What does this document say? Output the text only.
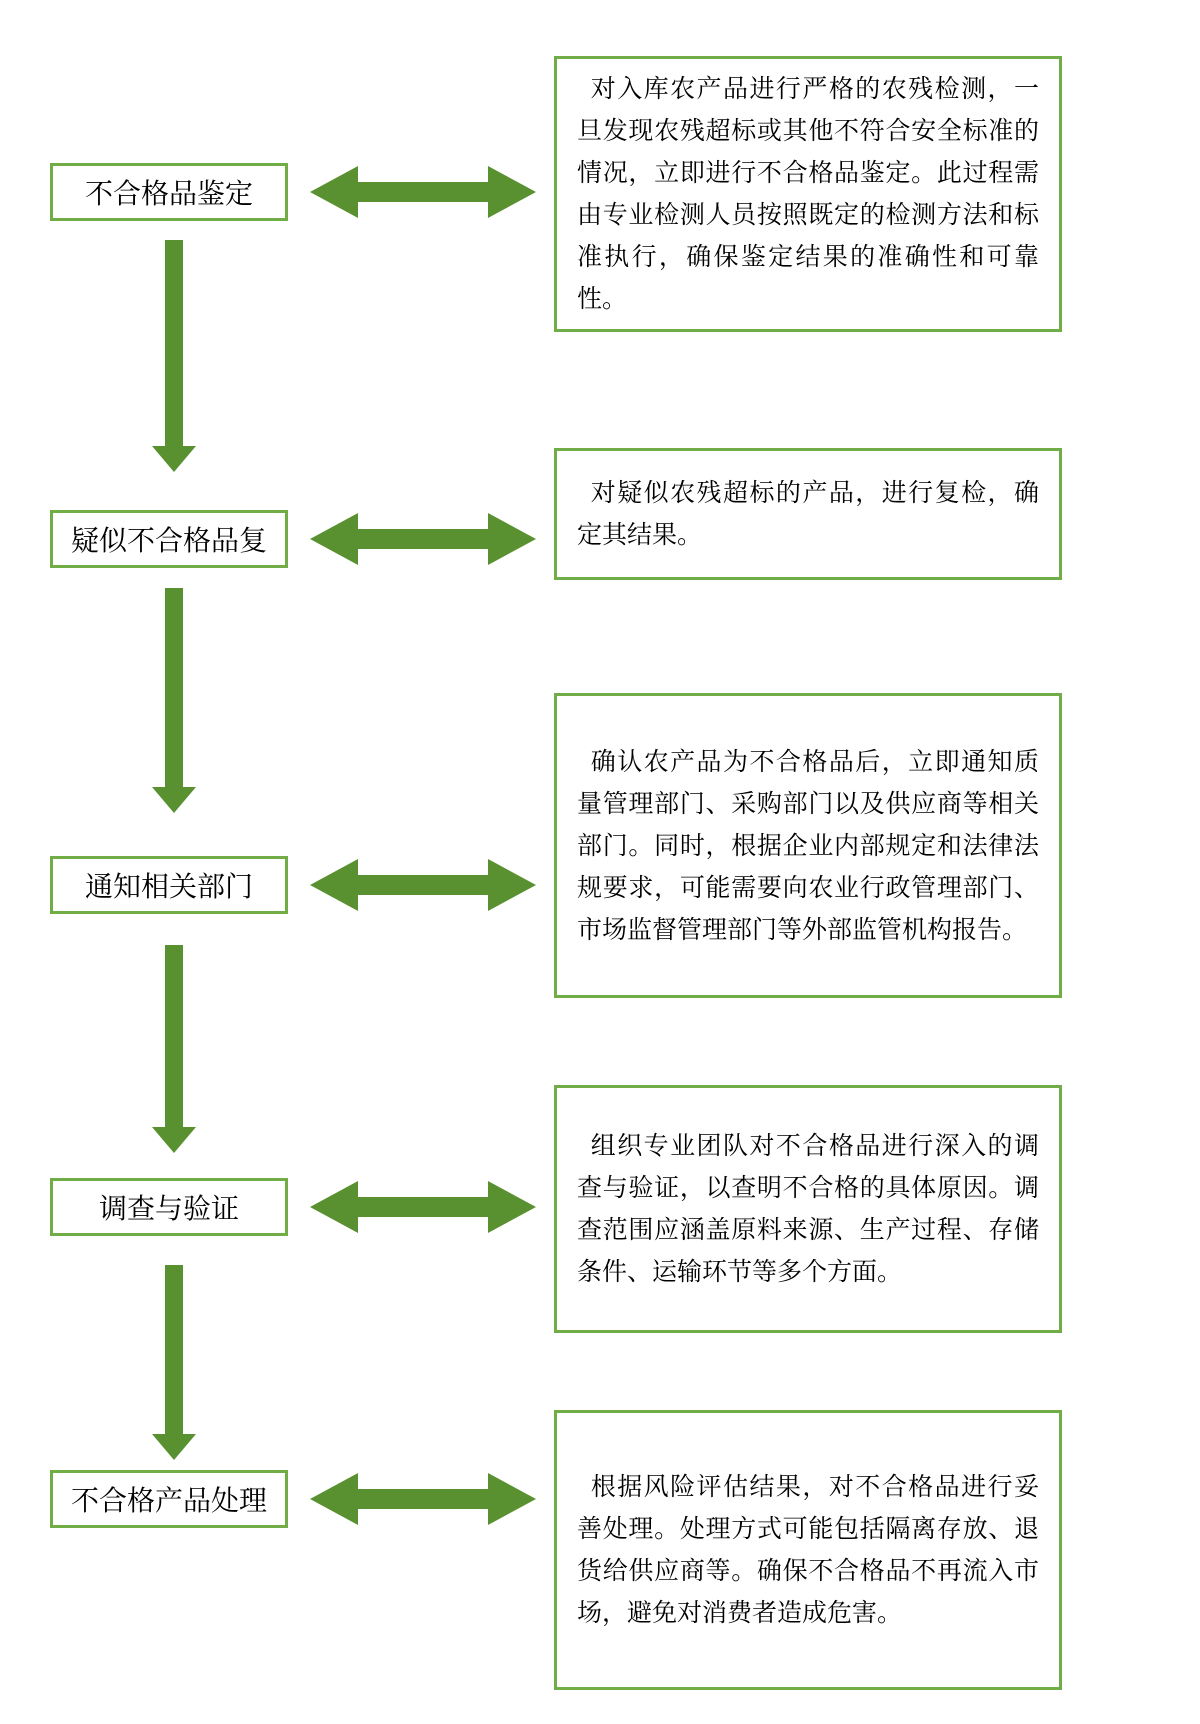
不合格品鉴定

对入库农产品进行严格的农残检测，一旦发现农残超标或其他不符合安全标准的情况，立即进行不合格品鉴定。此过程需由专业检测人员按照既定的检测方法和标准执行，确保鉴定结果的准确性和可靠性。

疑似不合格品复

对疑似农残超标的产品，进行复检，确定其结果。

通知相关部门

确认农产品为不合格品后，立即通知质量管理部门、采购部门以及供应商等相关部门。同时，根据企业内部规定和法律法规要求，可能需要向农业行政管理部门、市场监督管理部门等外部监管机构报告。

调查与验证

组织专业团队对不合格品进行深入的调查与验证，以查明不合格的具体原因。调查范围应涵盖原料来源、生产过程、存储条件、运输环节等多个方面。

不合格产品处理	根据风险评估结果，对不合格品进行妥善处理。处理方式可能包括隔离存放、退货给供应商等。确保不合格品不再流入市场，避免对消费者造成危害。
